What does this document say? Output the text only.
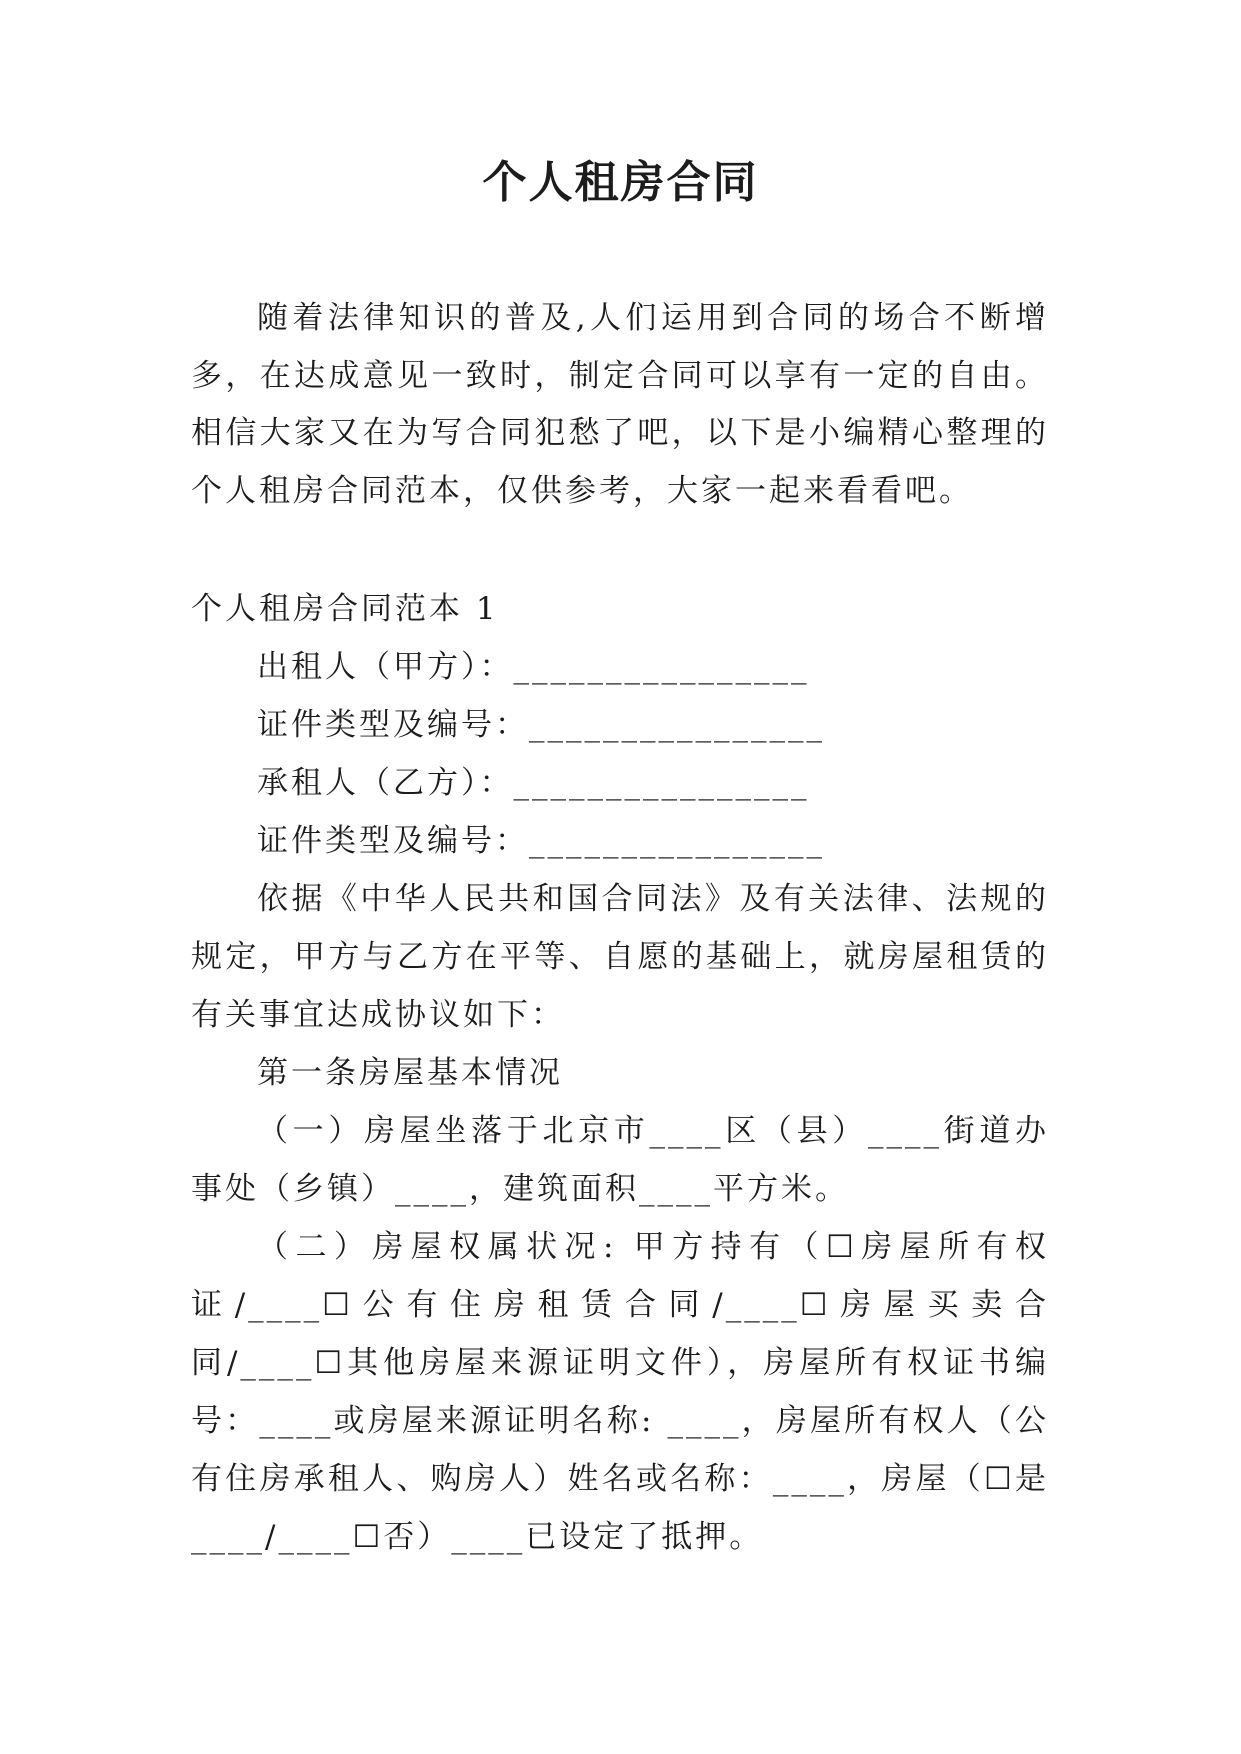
个人租房合同

随着法律知识的普及,人们运用到合同的场合不断增多，在达成意见一致时，制定合同可以享有一定的自由。相信大家又在为写合同犯愁了吧，以下是小编精心整理的个人租房合同范本，仅供参考，大家一起来看看吧。

个人租房合同范本 1

出租人（甲方）：________________

证件类型及编号：________________

承租人（乙方）：________________

证件类型及编号：________________

依据《中华人民共和国合同法》及有关法律、法规的规定，甲方与乙方在平等、自愿的基础上，就房屋租赁的有关事宜达成协议如下：

第一条房屋基本情况

（一）房屋坐落于北京市____区（县）____街道办事处（乡镇）____，建筑面积____平方米。

（二）房屋权属状况: 甲方持有（☐房屋所有权证/____☐公有住房租赁合同/____☐房屋买卖合同/____☐其他房屋来源证明文件），房屋所有权证书编号：____或房屋来源证明名称: ____，房屋所有权人（公有住房承租人、购房人）姓名或名称：____，房屋（☐是____/____☐否）____已设定了抵押。
